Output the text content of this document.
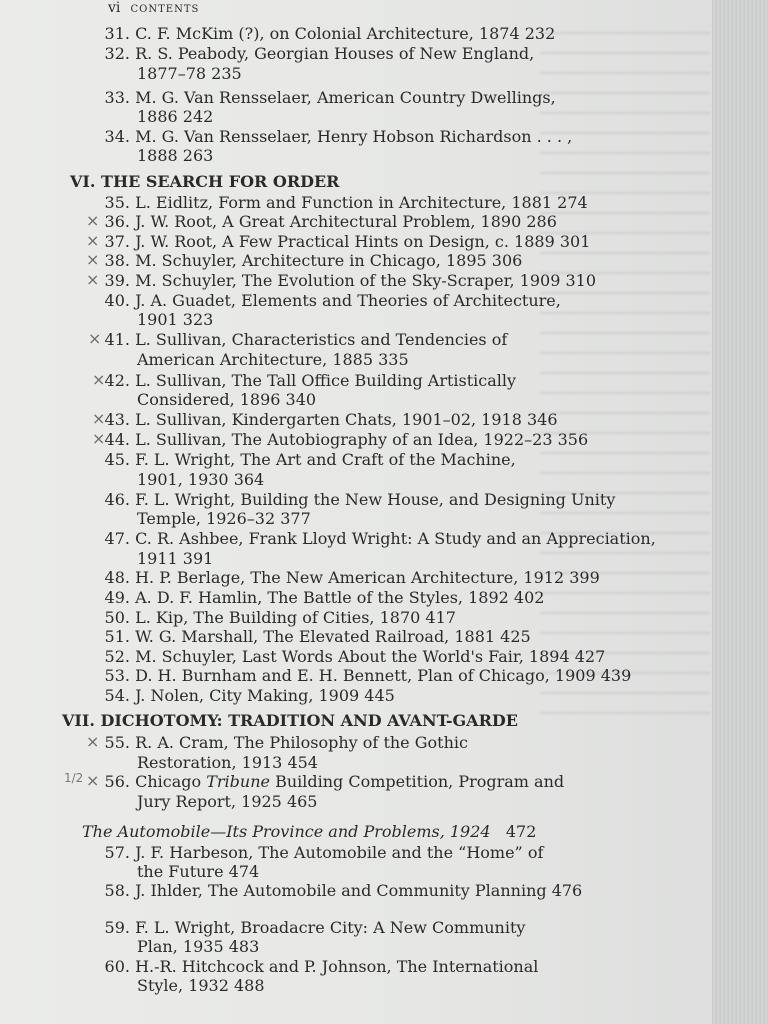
vi CONTENTS
31. C. F. McKim (?), on Colonial Architecture, 1874 232
32. R. S. Peabody, Georgian Houses of New England,
1877–78 235
33. M. G. Van Rensselaer, American Country Dwellings,
1886 242
34. M. G. Van Rensselaer, Henry Hobson Richardson . . . ,
1888 263
VI. THE SEARCH FOR ORDER
35. L. Eidlitz, Form and Function in Architecture, 1881 274
36. J. W. Root, A Great Architectural Problem, 1890 286
37. J. W. Root, A Few Practical Hints on Design, c. 1889 301
38. M. Schuyler, Architecture in Chicago, 1895 306
39. M. Schuyler, The Evolution of the Sky-Scraper, 1909 310
40. J. A. Guadet, Elements and Theories of Architecture,
1901 323
41. L. Sullivan, Characteristics and Tendencies of
American Architecture, 1885 335
42. L. Sullivan, The Tall Office Building Artistically
Considered, 1896 340
43. L. Sullivan, Kindergarten Chats, 1901–02, 1918 346
44. L. Sullivan, The Autobiography of an Idea, 1922–23 356
45. F. L. Wright, The Art and Craft of the Machine,
1901, 1930 364
46. F. L. Wright, Building the New House, and Designing Unity
Temple, 1926–32 377
47. C. R. Ashbee, Frank Lloyd Wright: A Study and an Appreciation,
1911 391
48. H. P. Berlage, The New American Architecture, 1912 399
49. A. D. F. Hamlin, The Battle of the Styles, 1892 402
50. L. Kip, The Building of Cities, 1870 417
51. W. G. Marshall, The Elevated Railroad, 1881 425
52. M. Schuyler, Last Words About the World's Fair, 1894 427
53. D. H. Burnham and E. H. Bennett, Plan of Chicago, 1909 439
54. J. Nolen, City Making, 1909 445
VII. DICHOTOMY: TRADITION AND AVANT-GARDE
55. R. A. Cram, The Philosophy of the Gothic
Restoration, 1913 454
56. Chicago Tribune Building Competition, Program and
Jury Report, 1925 465
The Automobile—Its Province and Problems, 1924 472
57. J. F. Harbeson, The Automobile and the “Home” of
the Future 474
58. J. Ihlder, The Automobile and Community Planning 476
59. F. L. Wright, Broadacre City: A New Community
Plan, 1935 483
60. H.-R. Hitchcock and P. Johnson, The International
Style, 1932 488
×
×
×
×
×
×
×
×
×
×
1/2
